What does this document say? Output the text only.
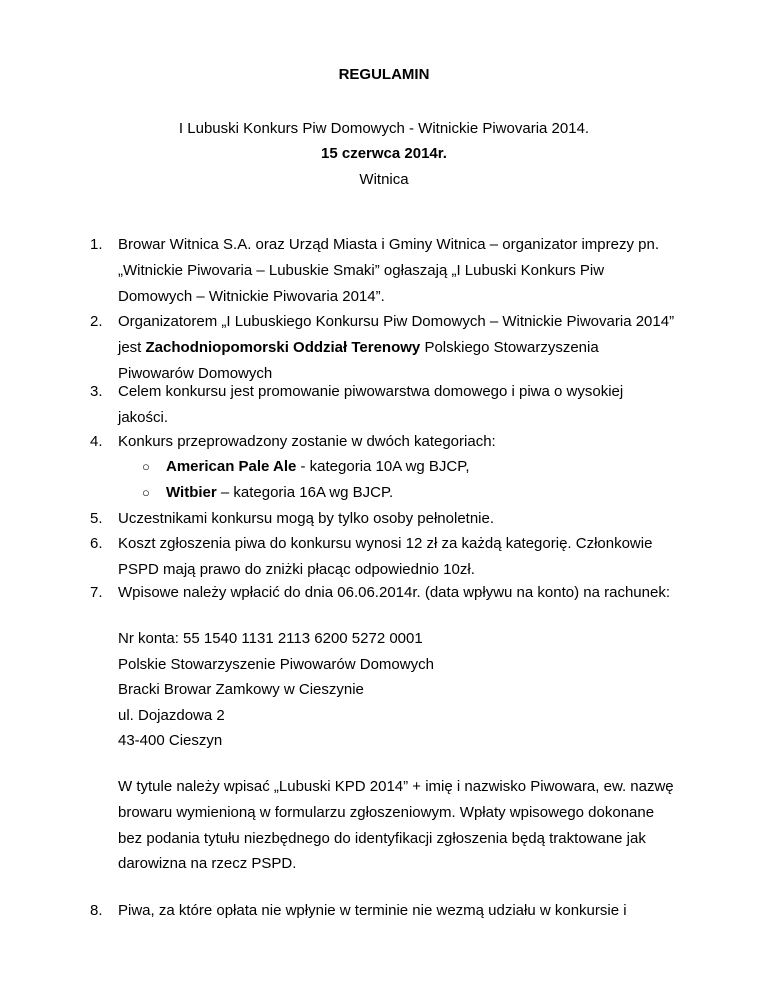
REGULAMIN
I Lubuski Konkurs Piw Domowych - Witnickie Piwovaria 2014.
15 czerwca 2014r.
Witnica
1.	Browar Witnica S.A. oraz Urząd Miasta i Gminy Witnica – organizator imprezy pn.
„Witnickie Piwovaria – Lubuskie Smaki” ogłaszają „I Lubuski Konkurs Piw
Domowych – Witnickie Piwovaria 2014”.
2.	Organizatorem „I Lubuskiego Konkursu Piw Domowych – Witnickie Piwovaria 2014”
jest Zachodniopomorski Oddział Terenowy Polskiego Stowarzyszenia
Piwowarów Domowych
3.	Celem konkursu jest promowanie piwowarstwa domowego i piwa o wysokiej
jakości.
4.	Konkurs przeprowadzony zostanie w dwóch kategoriach:
○ American Pale Ale - kategoria 10A wg BJCP,
○ Witbier – kategoria 16A wg BJCP.
5.	Uczestnikami konkursu mogą by tylko osoby pełnoletnie.
6.	Koszt zgłoszenia piwa do konkursu wynosi 12 zł za każdą kategorię. Członkowie
PSPD mają prawo do zniżki płacąc odpowiednio 10zł.
7.	Wpisowe należy wpłacić do dnia 06.06.2014r. (data wpływu na konto) na rachunek:
Nr konta: 55 1540 1131 2113 6200 5272 0001
Polskie Stowarzyszenie Piwowarów Domowych
Bracki Browar Zamkowy w Cieszynie
ul. Dojazdowa 2
43-400 Cieszyn
W tytule należy wpisać „Lubuski KPD 2014” + imię i nazwisko Piwowara, ew. nazwę
browaru wymienioną w formularzu zgłoszeniowym. Wpłaty wpisowego dokonane
bez podania tytułu niezbędnego do identyfikacji zgłoszenia będą traktowane jak
darowizna na rzecz PSPD.
8.	Piwa, za które opłata nie wpłynie w terminie nie wezmą udziału w konkursie i
